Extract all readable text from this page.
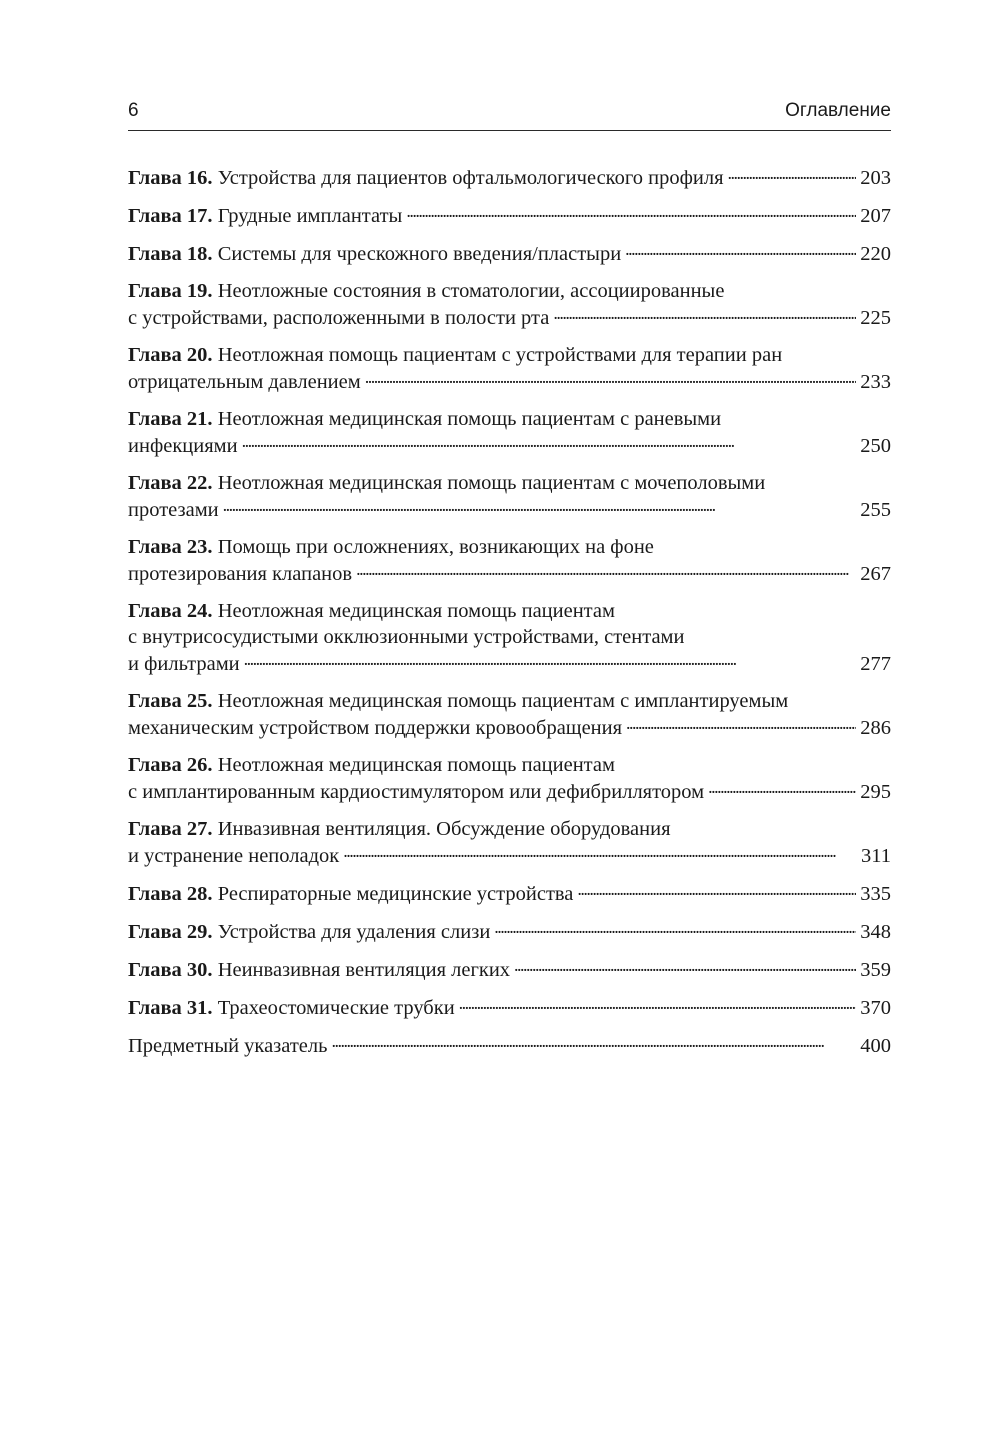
6	Оглавление
Глава 16. Устройства для пациентов офтальмологического профиля . . .	203
Глава 17. Грудные имплантаты . . .	207
Глава 18. Системы для чрескожного введения/пластыри . . .	220
Глава 19. Неотложные состояния в стоматологии, ассоциированные
с устройствами, расположенными в полости рта . . .	225
Глава 20. Неотложная помощь пациентам с устройствами для терапии ран
отрицательным давлением . . .	233
Глава 21. Неотложная медицинская помощь пациентам с раневыми
инфекциями . . .	250
Глава 22. Неотложная медицинская помощь пациентам с мочеполовыми
протезами . . .	255
Глава 23. Помощь при осложнениях, возникающих на фоне
протезирования клапанов . . .	267
Глава 24. Неотложная медицинская помощь пациентам
с внутрисосудистыми окклюзионными устройствами, стентами
и фильтрами . . .	277
Глава 25. Неотложная медицинская помощь пациентам с имплантируемым
механическим устройством поддержки кровообращения . . .	286
Глава 26. Неотложная медицинская помощь пациентам
с имплантированным кардиостимулятором или дефибриллятором . . .	295
Глава 27. Инвазивная вентиляция. Обсуждение оборудования
и устранение неполадок . . .	311
Глава 28. Респираторные медицинские устройства . . .	335
Глава 29. Устройства для удаления слизи . . .	348
Глава 30. Неинвазивная вентиляция легких . . .	359
Глава 31. Трахеостомические трубки . . .	370
Предметный указатель . . .	400
